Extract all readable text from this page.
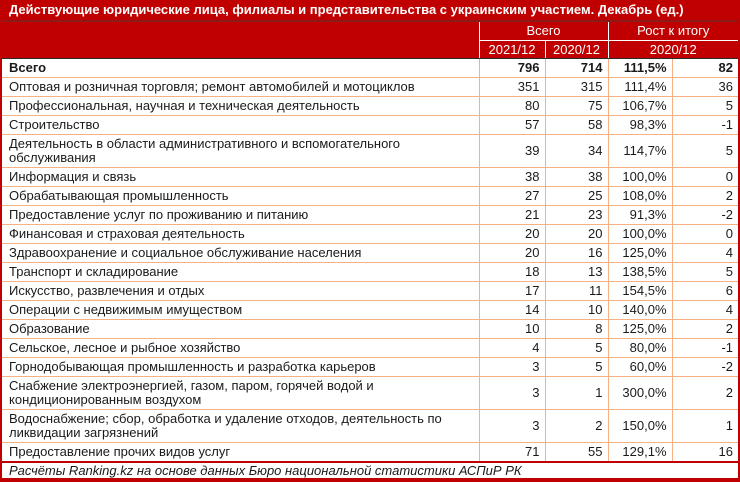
Действующие юридические лица, филиалы и представительства с украинским участием. Декабрь (ед.)
	Всего		Рост к итогу	
	2021/12	2020/12	2020/12	
Всего	796	714	111,5%	82
Оптовая и розничная торговля; ремонт автомобилей и мотоциклов	351	315	111,4%	36
Профессиональная, научная и техническая деятельность	80	75	106,7%	5
Строительство	57	58	98,3%	-1
Деятельность в области административного и вспомогательного обслуживания	39	34	114,7%	5
Информация и связь	38	38	100,0%	0
Обрабатывающая промышленность	27	25	108,0%	2
Предоставление услуг по проживанию и питанию	21	23	91,3%	-2
Финансовая и страховая деятельность	20	20	100,0%	0
Здравоохранение и социальное обслуживание населения	20	16	125,0%	4
Транспорт и складирование	18	13	138,5%	5
Искусство, развлечения и отдых	17	11	154,5%	6
Операции с недвижимым имуществом	14	10	140,0%	4
Образование	10	8	125,0%	2
Сельское, лесное и рыбное хозяйство	4	5	80,0%	-1
Горнодобывающая промышленность и разработка карьеров	3	5	60,0%	-2
Снабжение электроэнергией, газом, паром, горячей водой и кондиционированным воздухом	3	1	300,0%	2
Водоснабжение; сбор, обработка и удаление отходов, деятельность по ликвидации загрязнений	3	2	150,0%	1
Предоставление прочих видов услуг	71	55	129,1%	16
Расчёты Ranking.kz на основе данных Бюро национальной статистики АСПиР РК
